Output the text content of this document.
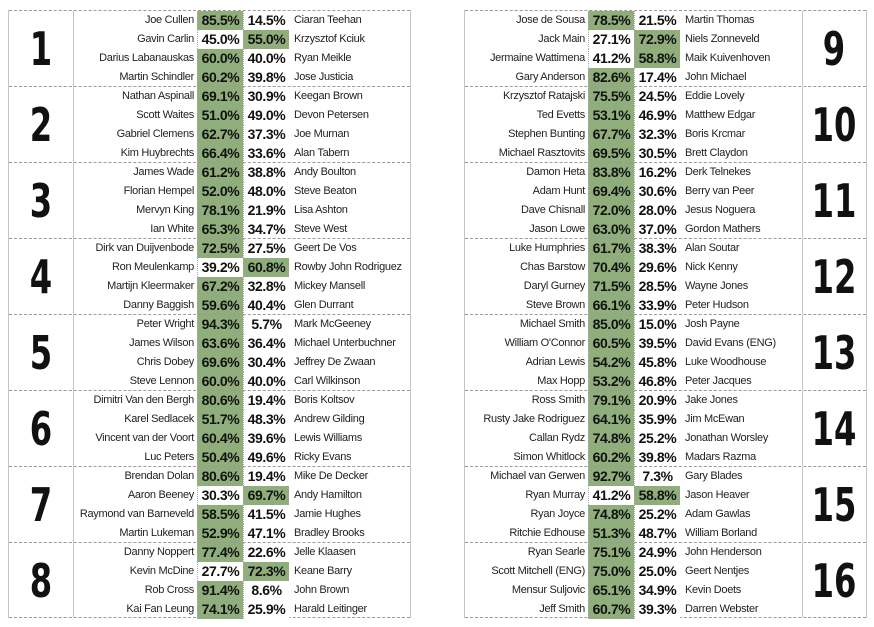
1
Joe Cullen 85.5% 14.5% Ciaran Teehan
Gavin Carlin 45.0% 55.0% Krzysztof Kciuk
Darius Labanauskas 60.0% 40.0% Ryan Meikle
Martin Schindler 60.2% 39.8% Jose Justicia
2
Nathan Aspinall 69.1% 30.9% Keegan Brown
Scott Waites 51.0% 49.0% Devon Petersen
Gabriel Clemens 62.7% 37.3% Joe Murnan
Kim Huybrechts 66.4% 33.6% Alan Tabern
3
James Wade 61.2% 38.8% Andy Boulton
Florian Hempel 52.0% 48.0% Steve Beaton
Mervyn King 78.1% 21.9% Lisa Ashton
Ian White 65.3% 34.7% Steve West
4
Dirk van Duijvenbode 72.5% 27.5% Geert De Vos
Ron Meulenkamp 39.2% 60.8% Rowby John Rodriguez
Martijn Kleermaker 67.2% 32.8% Mickey Mansell
Danny Baggish 59.6% 40.4% Glen Durrant
5
Peter Wright 94.3% 5.7%	Mark McGeeney
James Wilson 63.6% 36.4% Michael Unterbuchner
Chris Dobey 69.6% 30.4% Jeffrey De Zwaan
Steve Lennon 60.0% 40.0% Carl Wilkinson
6
Dimitri Van den Bergh 80.6% 19.4% Boris Koltsov
Karel Sedlacek 51.7% 48.3% Andrew Gilding
Vincent van der Voort 60.4% 39.6% Lewis Williams
Luc Peters 50.4% 49.6% Ricky Evans
7
Brendan Dolan 80.6% 19.4% Mike De Decker
Aaron Beeney 30.3% 69.7% Andy Hamilton
Raymond van Barneveld 58.5% 41.5% Jamie Hughes
Martin Lukeman 52.9% 47.1% Bradley Brooks
8
Danny Noppert 77.4% 22.6% Jelle Klaasen
Kevin McDine 27.7% 72.3% Keane Barry
Rob Cross 91.4% 8.6%	John Brown
Kai Fan Leung 74.1% 25.9% Harald Leitinger
9
Jose de Sousa 78.5% 21.5% Martin Thomas
Jack Main 27.1% 72.9% Niels Zonneveld
Jermaine Wattimena 41.2% 58.8% Maik Kuivenhoven
Gary Anderson 82.6% 17.4% John Michael
10
Krzysztof Ratajski 75.5% 24.5% Eddie Lovely
Ted Evetts 53.1% 46.9% Matthew Edgar
Stephen Bunting 67.7% 32.3% Boris Krcmar
Michael Rasztovits 69.5% 30.5% Brett Claydon
11
Damon Heta 83.8% 16.2% Derk Telnekes
Adam Hunt 69.4% 30.6% Berry van Peer
Dave Chisnall 72.0% 28.0% Jesus Noguera
Jason Lowe 63.0% 37.0% Gordon Mathers
12
Luke Humphries 61.7% 38.3% Alan Soutar
Chas Barstow 70.4% 29.6% Nick Kenny
Daryl Gurney 71.5% 28.5% Wayne Jones
Steve Brown 66.1% 33.9% Peter Hudson
13
Michael Smith 85.0% 15.0% Josh Payne
William O'Connor 60.5% 39.5% David Evans (ENG)
Adrian Lewis 54.2% 45.8% Luke Woodhouse
Max Hopp 53.2% 46.8% Peter Jacques
14
Ross Smith 79.1% 20.9% Jake Jones
Rusty Jake Rodriguez 64.1% 35.9% Jim McEwan
Callan Rydz 74.8% 25.2% Jonathan Worsley
Simon Whitlock 60.2% 39.8% Madars Razma
15
Michael van Gerwen 92.7% 7.3%	Gary Blades
Ryan Murray 41.2% 58.8% Jason Heaver
Ryan Joyce 74.8% 25.2% Adam Gawlas
Ritchie Edhouse 51.3% 48.7% William Borland
16
Ryan Searle 75.1% 24.9% John Henderson
Scott Mitchell (ENG) 75.0% 25.0% Geert Nentjes
Mensur Suljovic 65.1% 34.9% Kevin Doets
Jeff Smith 60.7% 39.3% Darren Webster
